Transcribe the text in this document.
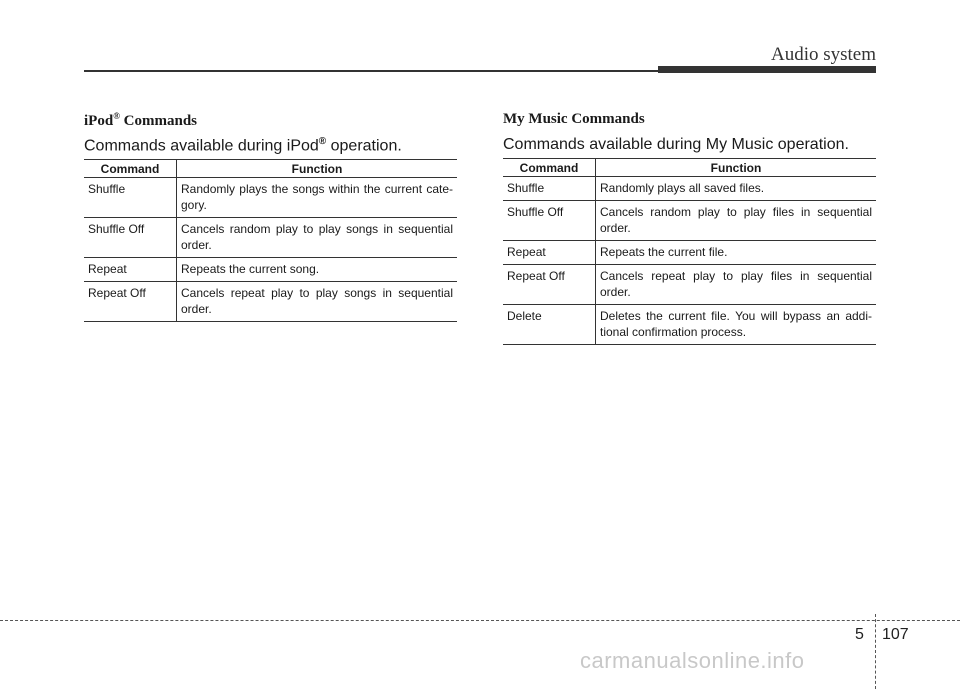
Audio system
iPod® Commands
Commands available during iPod® operation.
Command	Function
Shuffle	Randomly plays the songs within the current cate-gory.
Shuffle Off	Cancels random play to play songs in sequential order.
Repeat	Repeats the current song.
Repeat Off	Cancels repeat play to play songs in sequential order.
My Music Commands
Commands available during My Music operation.
Command	Function
Shuffle	Randomly plays all saved files.
Shuffle Off	Cancels random play to play files in sequential order.
Repeat	Repeats the current file.
Repeat Off	Cancels repeat play to play files in sequential order.
Delete	Deletes the current file. You will bypass an addi-tional confirmation process.
5 107
carmanualsonline.info
